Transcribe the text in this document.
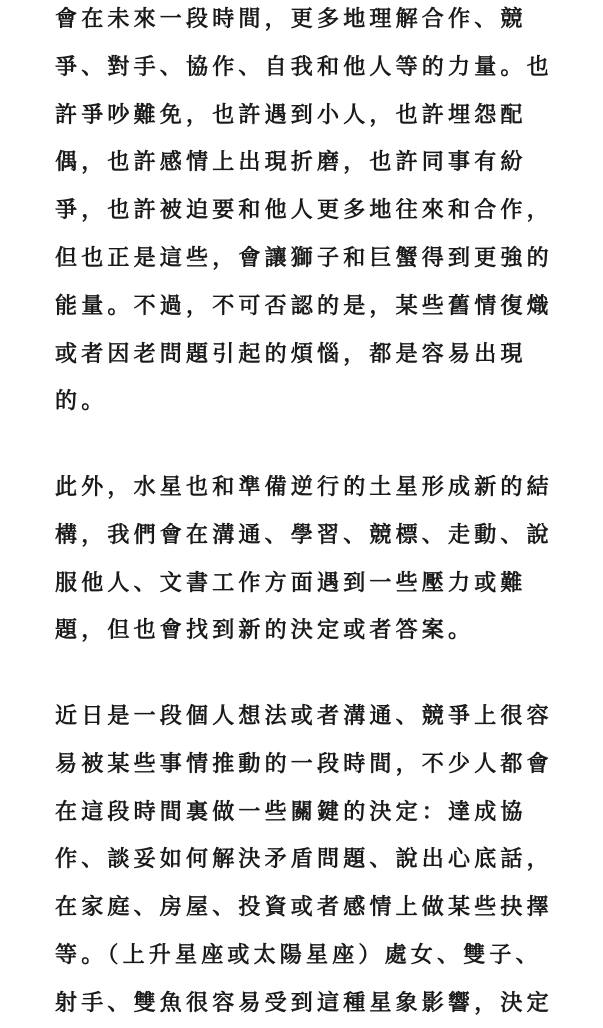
會在未來一段時間，更多地理解合作、競
爭、對手、協作、自我和他人等的力量。也
許爭吵難免，也許遇到小人，也許埋怨配
偶，也許感情上出現折磨，也許同事有紛
爭，也許被迫要和他人更多地往來和合作，
但也正是這些，會讓獅子和巨蟹得到更強的
能量。不過，不可否認的是，某些舊情復熾
或者因老問題引起的煩惱，都是容易出現
的。
此外，水星也和準備逆行的土星形成新的結
構，我們會在溝通、學習、競標、走動、說
服他人、文書工作方面遇到一些壓力或難
題，但也會找到新的決定或者答案。
近日是一段個人想法或者溝通、競爭上很容
易被某些事情推動的一段時間，不少人都會
在這段時間裏做一些關鍵的決定：達成協
作、談妥如何解決矛盾問題、說出心底話，
在家庭、房屋、投資或者感情上做某些抉擇
等。（上升星座或太陽星座）處女、雙子、
射手、雙魚很容易受到這種星象影響，決定
